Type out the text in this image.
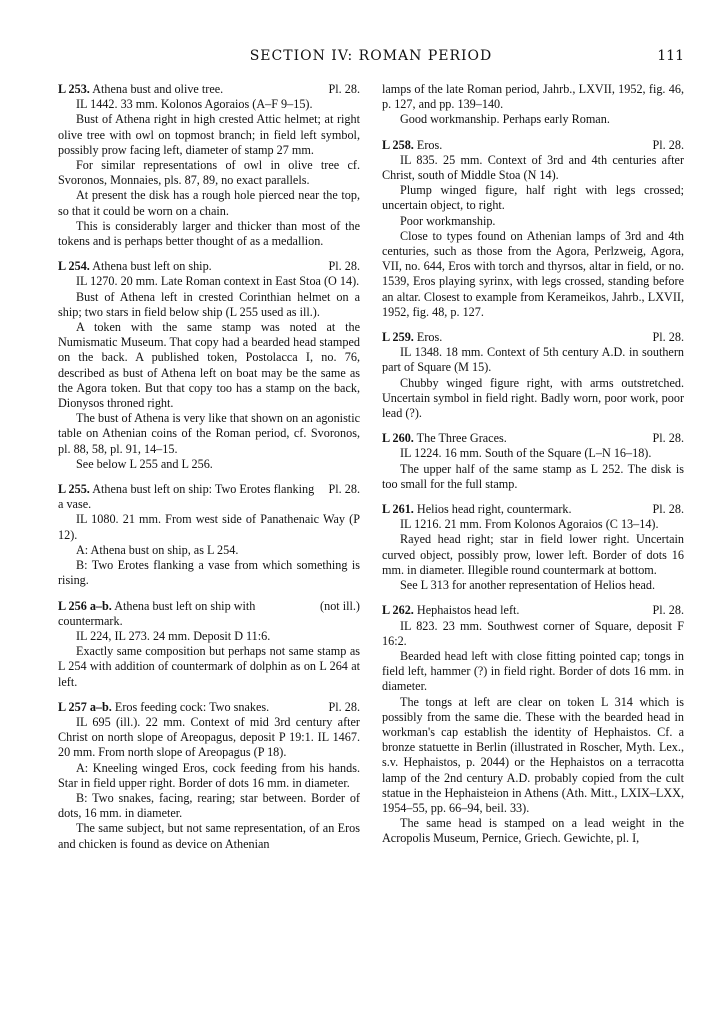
SECTION IV: ROMAN PERIOD	111
L 253. Athena bust and olive tree.	Pl. 28.

IL 1442. 33 mm. Kolonos Agoraios (A–F 9–15).

Bust of Athena right in high crested Attic helmet; at right olive tree with owl on topmost branch; in field left symbol, possibly prow facing left, diameter of stamp 27 mm.

For similar representations of owl in olive tree cf. Svoronos, Monnaies, pls. 87, 89, no exact parallels.

At present the disk has a rough hole pierced near the top, so that it could be worn on a chain.

This is considerably larger and thicker than most of the tokens and is perhaps better thought of as a medallion.

L 254. Athena bust left on ship.	Pl. 28.

IL 1270. 20 mm. Late Roman context in East Stoa (O 14).

Bust of Athena left in crested Corinthian helmet on a ship; two stars in field below ship (L 255 used as ill.).

A token with the same stamp was noted at the Numismatic Museum. That copy had a bearded head stamped on the back. A published token, Postolacca I, no. 76, described as bust of Athena left on boat may be the same as the Agora token. But that copy too has a stamp on the back, Dionysos throned right.

The bust of Athena is very like that shown on an agonistic table on Athenian coins of the Roman period, cf. Svoronos, pl. 88, 58, pl. 91, 14–15.

See below L 255 and L 256.

L 255. Athena bust left on ship: Two Erotes flanking a vase.
Pl. 28.

IL 1080. 21 mm. From west side of Panathenaic Way (P 12).

A: Athena bust on ship, as L 254.

B: Two Erotes flanking a vase from which something is rising.

L 256 a–b. Athena bust left on ship with countermark.
(not ill.)

IL 224, IL 273. 24 mm. Deposit D 11:6.

Exactly same composition but perhaps not same stamp as L 254 with addition of countermark of dolphin as on L 264 at left.

L 257 a–b. Eros feeding cock: Two snakes.	Pl. 28.

IL 695 (ill.). 22 mm. Context of mid 3rd century after Christ on north slope of Areopagus, deposit P 19:1. IL 1467. 20 mm. From north slope of Areopagus (P 18).

A: Kneeling winged Eros, cock feeding from his hands. Star in field upper right. Border of dots 16 mm. in diameter.

B: Two snakes, facing, rearing; star between. Border of dots, 16 mm. in diameter.

The same subject, but not same representation, of an Eros and chicken is found as device on Athenian

lamps of the late Roman period, Jahrb., LXVII, 1952, fig. 46, p. 127, and pp. 139–140.

Good workmanship. Perhaps early Roman.

L 258. Eros.	Pl. 28.

IL 835. 25 mm. Context of 3rd and 4th centuries after Christ, south of Middle Stoa (N 14).

Plump winged figure, half right with legs crossed; uncertain object, to right.

Poor workmanship.

Close to types found on Athenian lamps of 3rd and 4th centuries, such as those from the Agora, Perlzweig, Agora, VII, no. 644, Eros with torch and thyrsos, altar in field, or no. 1539, Eros playing syrinx, with legs crossed, standing before an altar. Closest to example from Kerameikos, Jahrb., LXVII, 1952, fig. 48, p. 127.

L 259. Eros.	Pl. 28.

IL 1348. 18 mm. Context of 5th century A.D. in southern part of Square (M 15).

Chubby winged figure right, with arms outstretched. Uncertain symbol in field right. Badly worn, poor work, poor lead (?).

L 260. The Three Graces.	Pl. 28.

IL 1224. 16 mm. South of the Square (L–N 16–18).

The upper half of the same stamp as L 252. The disk is too small for the full stamp.

L 261. Helios head right, countermark.	Pl. 28.

IL 1216. 21 mm. From Kolonos Agoraios (C 13–14).

Rayed head right; star in field lower right. Uncertain curved object, possibly prow, lower left. Border of dots 16 mm. in diameter. Illegible round countermark at bottom.

See L 313 for another representation of Helios head.

L 262. Hephaistos head left.	Pl. 28.

IL 823. 23 mm. Southwest corner of Square, deposit F 16:2.

Bearded head left with close fitting pointed cap; tongs in field left, hammer (?) in field right. Border of dots 16 mm. in diameter.

The tongs at left are clear on token L 314 which is possibly from the same die. These with the bearded head in workman's cap establish the identity of Hephaistos. Cf. a bronze statuette in Berlin (illustrated in Roscher, Myth. Lex., s.v. Hephaistos, p. 2044) or the Hephaistos on a terracotta lamp of the 2nd century A.D. probably copied from the cult statue in the Hephaisteion in Athens (Ath. Mitt., LXIX–LXX, 1954–55, pp. 66–94, beil. 33).

The same head is stamped on a lead weight in the Acropolis Museum, Pernice, Griech. Gewichte, pl. I,
